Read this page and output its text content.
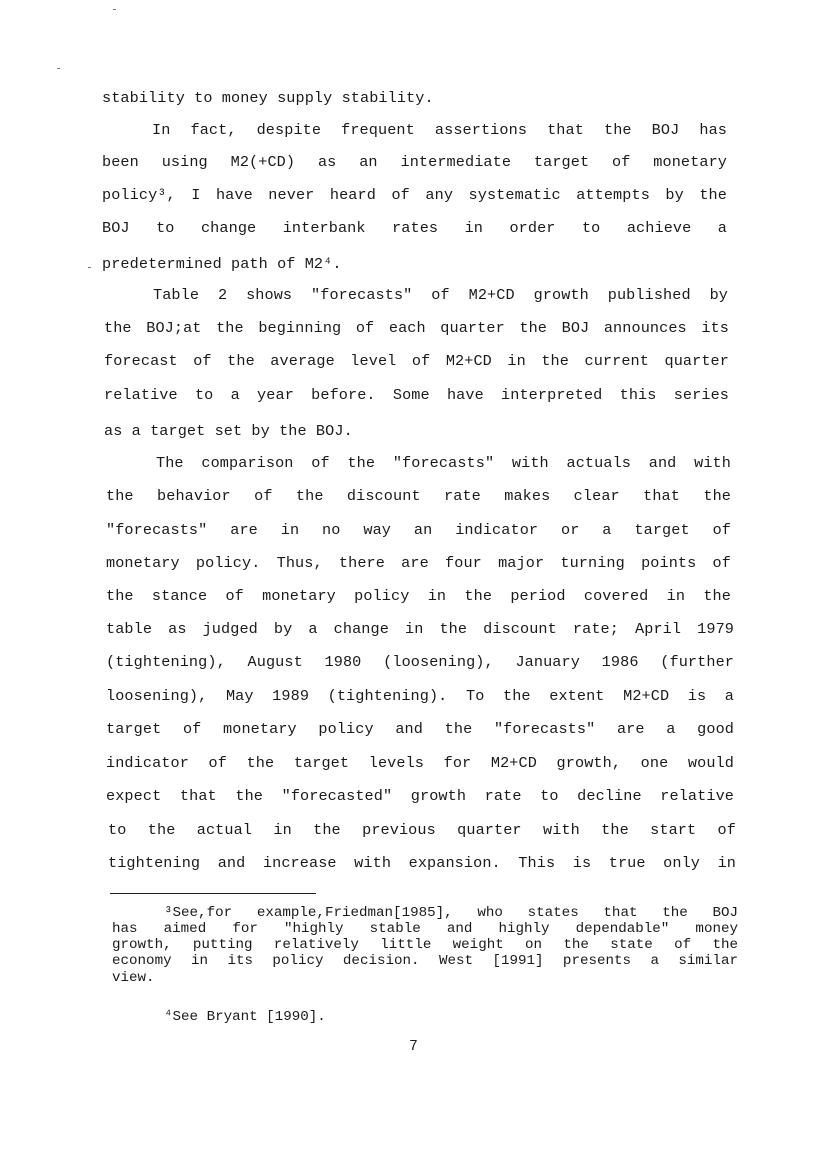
stability to money supply stability.
In fact, despite frequent assertions that the BOJ has
been using M2(+CD) as an intermediate target of monetary
policy³, I have never heard of any systematic attempts by the
BOJ to change interbank rates in order to achieve a
predetermined path of M2⁴.
Table 2 shows "forecasts" of M2+CD growth published by
the BOJ;at the beginning of each quarter the BOJ announces its
forecast of the average level of M2+CD in the current quarter
relative to a year before. Some have interpreted this series
as a target set by the BOJ.
The comparison of the "forecasts" with actuals and with
the behavior of the discount rate makes clear that the
"forecasts" are in no way an indicator or a target of
monetary policy. Thus, there are four major turning points of
the stance of monetary policy in the period covered in the
table as judged by a change in the discount rate; April 1979
(tightening), August 1980 (loosening), January 1986 (further
loosening), May 1989 (tightening). To the extent M2+CD is a
target of monetary policy and the "forecasts" are a good
indicator of the target levels for M2+CD growth, one would
expect that the "forecasted" growth rate to decline relative
to the actual in the previous quarter with the start of
tightening and increase with expansion. This is true only in
³See,for example,Friedman[1985], who states that the BOJ
has aimed for "highly stable and highly dependable" money
growth, putting relatively little weight on the state of the
economy in its policy decision. West [1991] presents a similar
view.
⁴See Bryant [1990].
7
